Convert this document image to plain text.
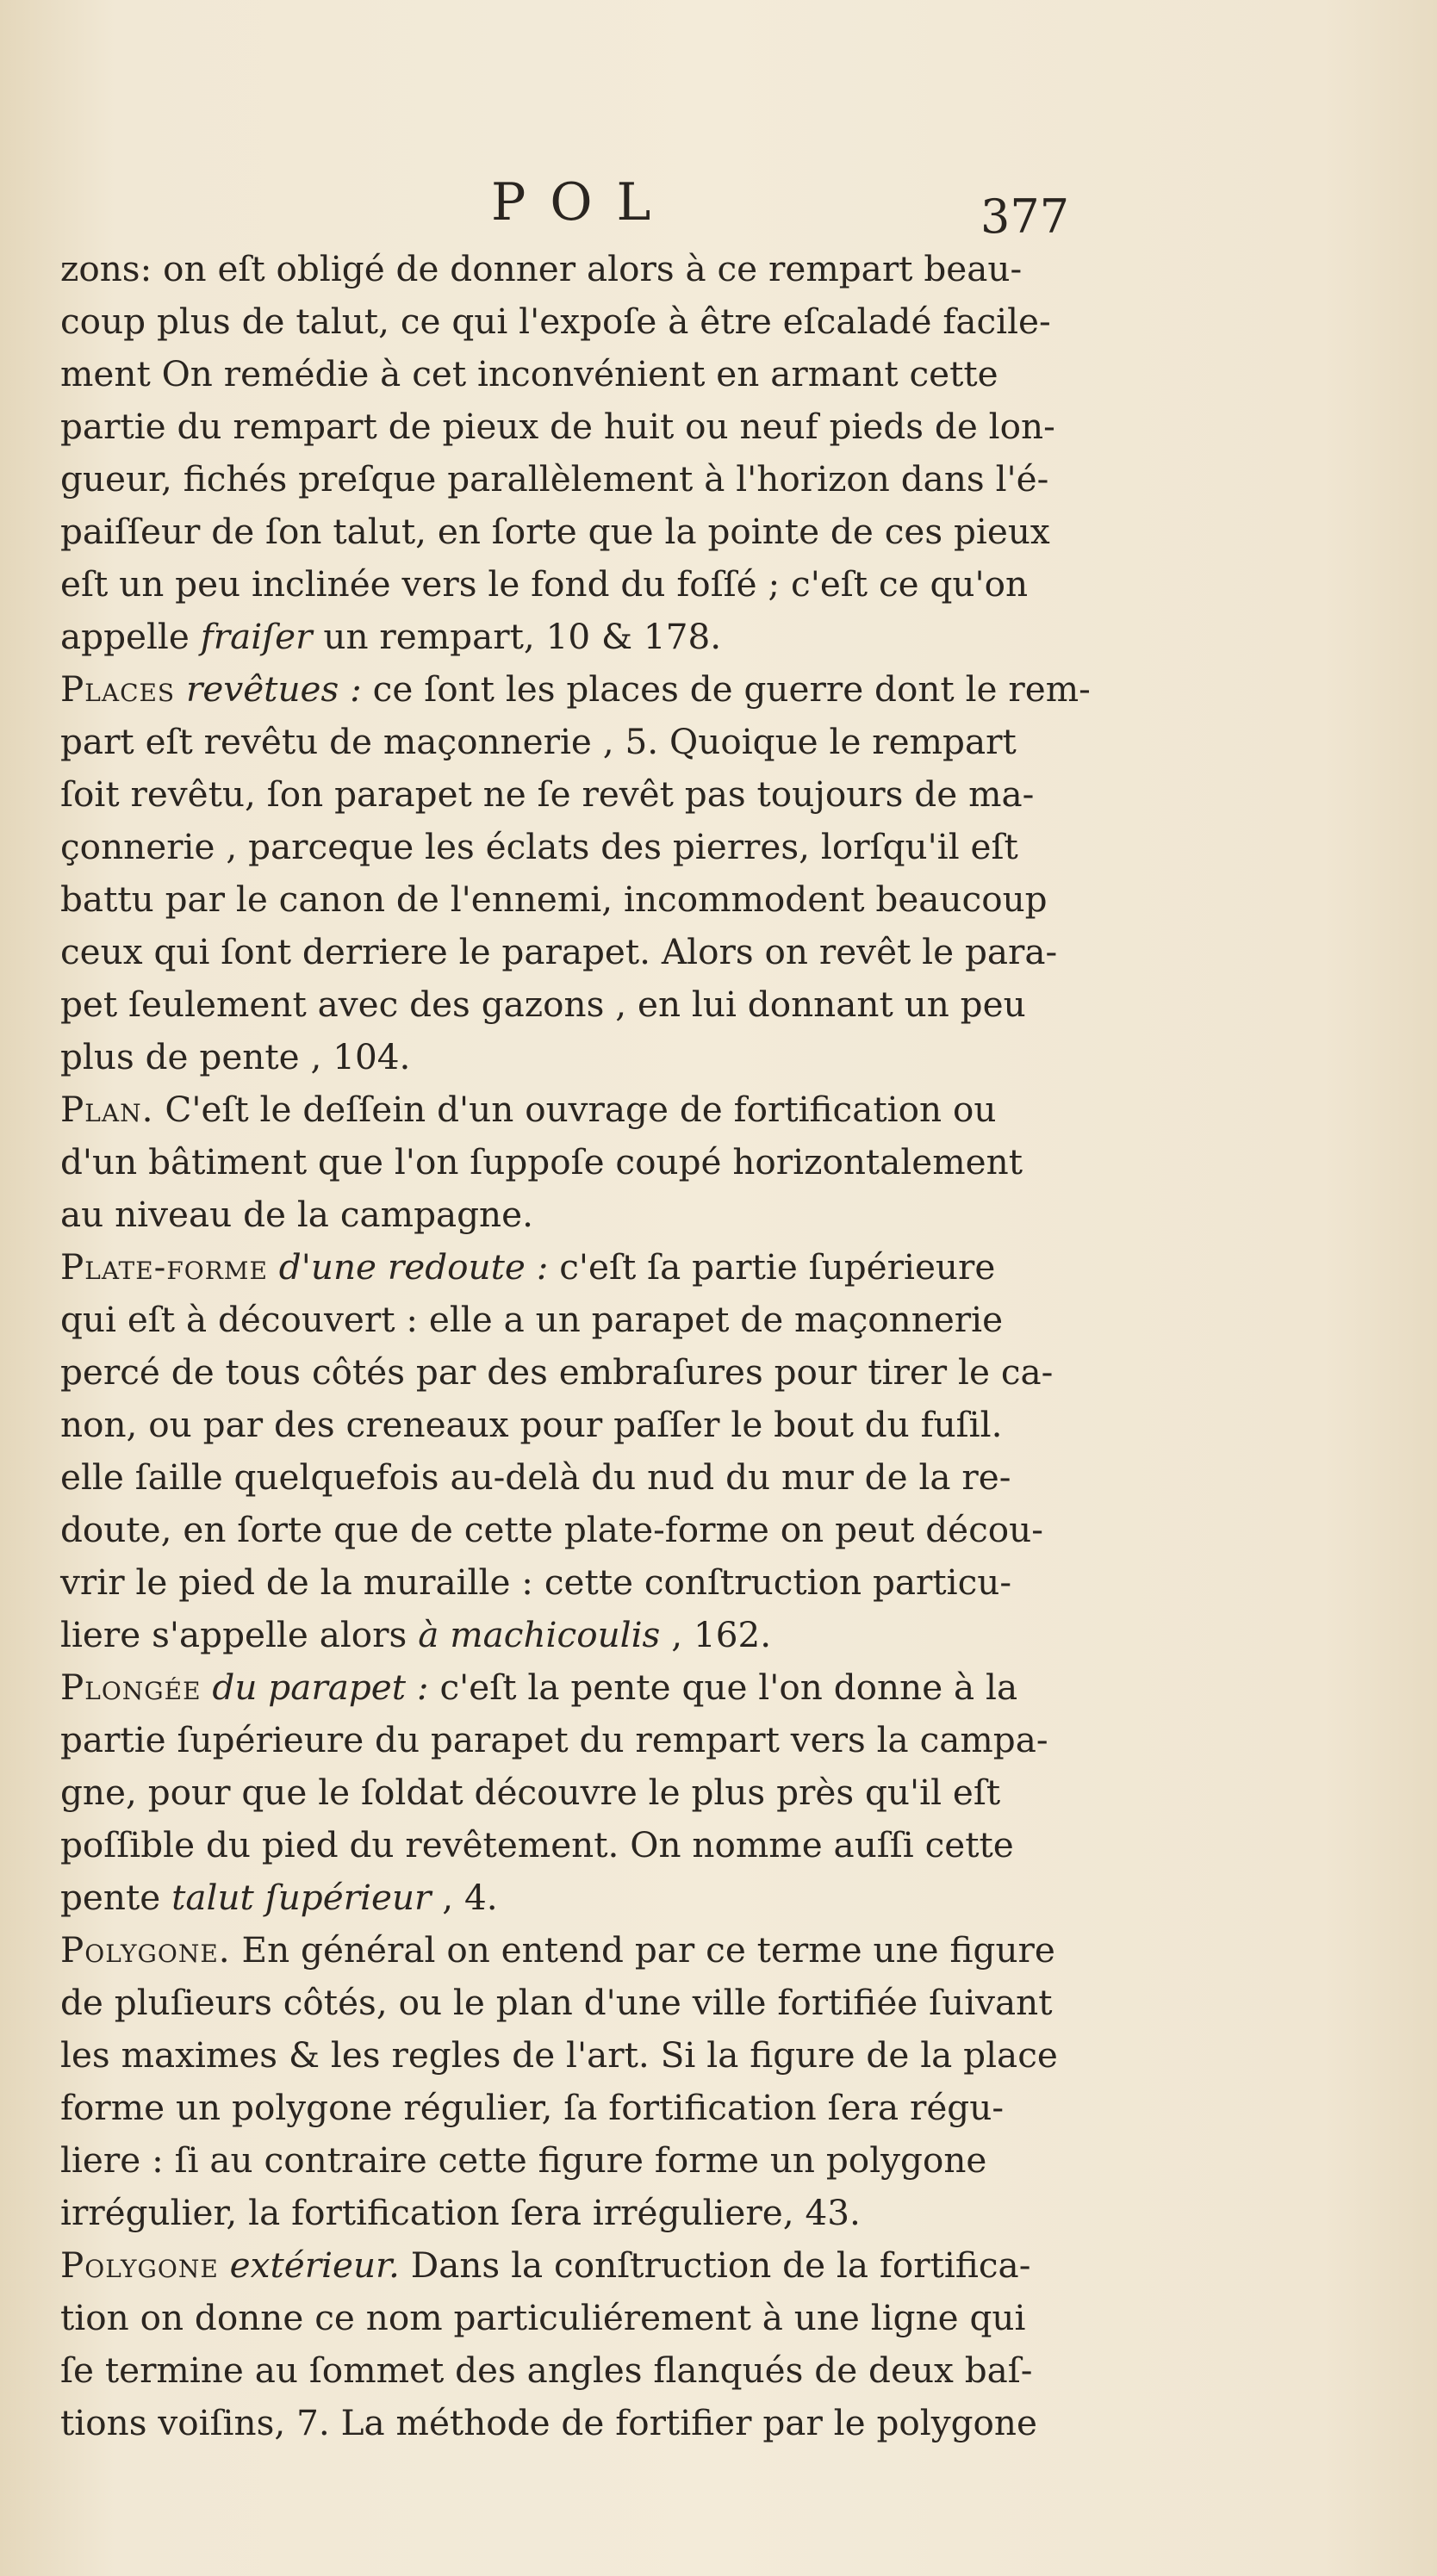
POL	377

zons: on eſt obligé de donner alors à ce rempart beau-
coup plus de talut, ce qui l'expoſe à être eſcaladé facile-
ment On remédie à cet inconvénient en armant cette
partie du rempart de pieux de huit ou neuf pieds de lon-
gueur, fichés preſque parallèlement à l'horizon dans l'é-
paiſſeur de ſon talut, en ſorte que la pointe de ces pieux
eſt un peu inclinée vers le fond du foſſé ; c'eſt ce qu'on
appelle fraiſer un rempart, 10 & 178.

Places revêtues : ce ſont les places de guerre dont le rem-
part eſt revêtu de maçonnerie , 5. Quoique le rempart
ſoit revêtu, ſon parapet ne ſe revêt pas toujours de ma-
çonnerie , parceque les éclats des pierres, lorſqu'il eſt
battu par le canon de l'ennemi, incommodent beaucoup
ceux qui ſont derriere le parapet. Alors on revêt le para-
pet ſeulement avec des gazons , en lui donnant un peu
plus de pente , 104.

Plan. C'eſt le deſſein d'un ouvrage de fortification ou
d'un bâtiment que l'on ſuppoſe coupé horizontalement
au niveau de la campagne.

Plate-forme d'une redoute : c'eſt ſa partie ſupérieure
qui eſt à découvert : elle a un parapet de maçonnerie
percé de tous côtés par des embraſures pour tirer le ca-
non, ou par des creneaux pour paſſer le bout du fuſil.
elle ſaille quelquefois au-delà du nud du mur de la re-
doute, en ſorte que de cette plate-forme on peut décou-
vrir le pied de la muraille : cette conſtruction particu-
liere s'appelle alors à machicoulis , 162.

Plongée du parapet : c'eſt la pente que l'on donne à la
partie ſupérieure du parapet du rempart vers la campa-
gne, pour que le ſoldat découvre le plus près qu'il eſt
poſſible du pied du revêtement. On nomme auſſi cette
pente talut ſupérieur , 4.

Polygone. En général on entend par ce terme une figure
de pluſieurs côtés, ou le plan d'une ville fortifiée ſuivant
les maximes & les regles de l'art. Si la figure de la place
forme un polygone régulier, ſa fortification ſera régu-
liere : ſi au contraire cette figure forme un polygone
irrégulier, la fortification ſera irréguliere, 43.

Polygone extérieur. Dans la conſtruction de la fortifica-
tion on donne ce nom particuliérement à une ligne qui
ſe termine au ſommet des angles flanqués de deux baſ-
tions voiſins, 7. La méthode de fortifier par le polygone
